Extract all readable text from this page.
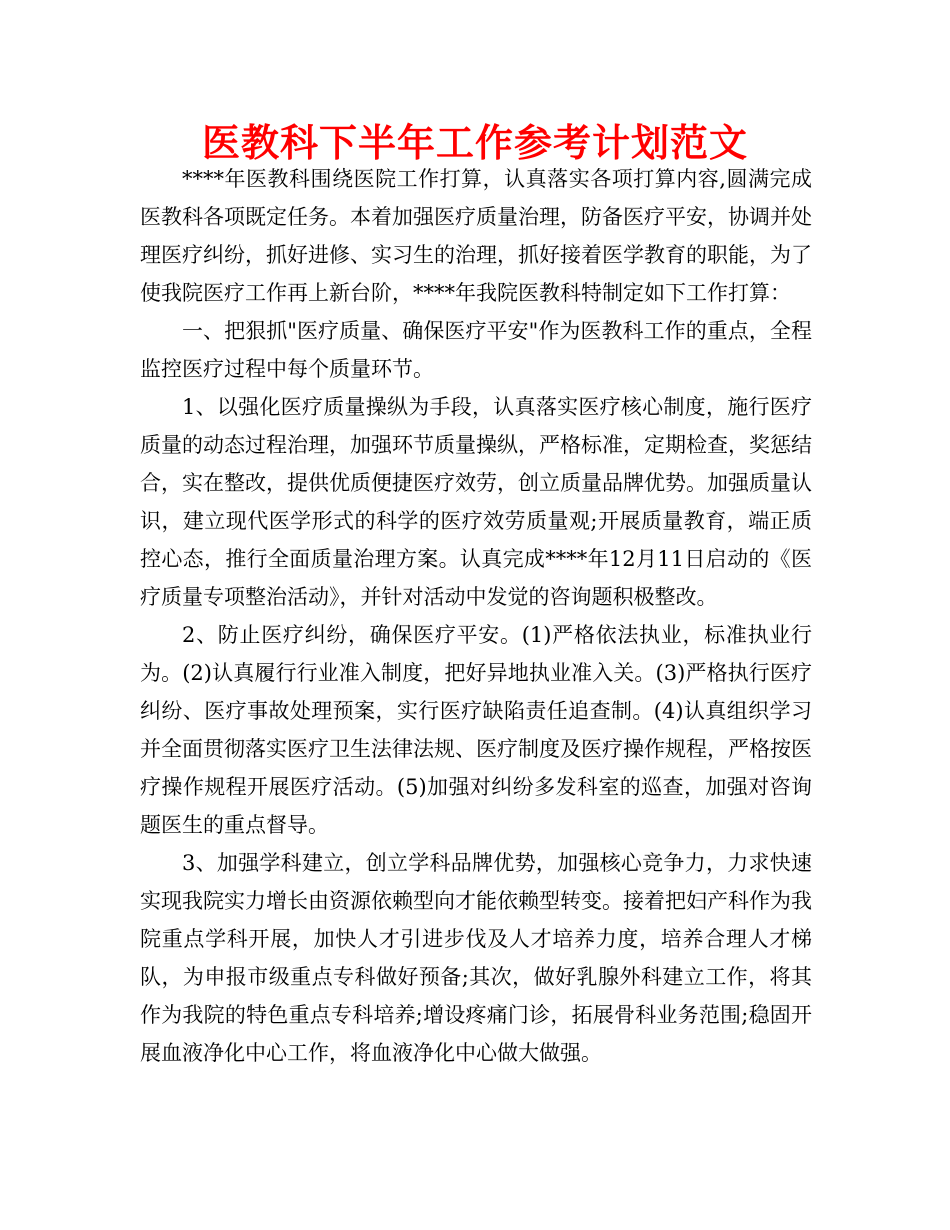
医教科下半年工作参考计划范文

****年医教科围绕医院工作打算，认真落实各项打算内容,圆满完成医教科各项既定任务。本着加强医疗质量治理，防备医疗平安，协调并处理医疗纠纷，抓好进修、实习生的治理，抓好接着医学教育的职能，为了使我院医疗工作再上新台阶，****年我院医教科特制定如下工作打算：

一、把狠抓"医疗质量、确保医疗平安"作为医教科工作的重点，全程监控医疗过程中每个质量环节。

1、以强化医疗质量操纵为手段，认真落实医疗核心制度，施行医疗质量的动态过程治理，加强环节质量操纵，严格标准，定期检查，奖惩结合，实在整改，提供优质便捷医疗效劳，创立质量品牌优势。加强质量认识，建立现代医学形式的科学的医疗效劳质量观;开展质量教育，端正质控心态，推行全面质量治理方案。认真完成****年12月11日启动的《医疗质量专项整治活动》，并针对活动中发觉的咨询题积极整改。

2、防止医疗纠纷，确保医疗平安。(1)严格依法执业，标准执业行为。(2)认真履行行业准入制度，把好异地执业准入关。(3)严格执行医疗纠纷、医疗事故处理预案，实行医疗缺陷责任追查制。(4)认真组织学习并全面贯彻落实医疗卫生法律法规、医疗制度及医疗操作规程，严格按医疗操作规程开展医疗活动。(5)加强对纠纷多发科室的巡查，加强对咨询题医生的重点督导。

3、加强学科建立，创立学科品牌优势，加强核心竞争力，力求快速实现我院实力增长由资源依赖型向才能依赖型转变。接着把妇产科作为我院重点学科开展，加快人才引进步伐及人才培养力度，培养合理人才梯队，为申报市级重点专科做好预备;其次，做好乳腺外科建立工作，将其作为我院的特色重点专科培养;增设疼痛门诊，拓展骨科业务范围;稳固开展血液净化中心工作，将血液净化中心做大做强。
